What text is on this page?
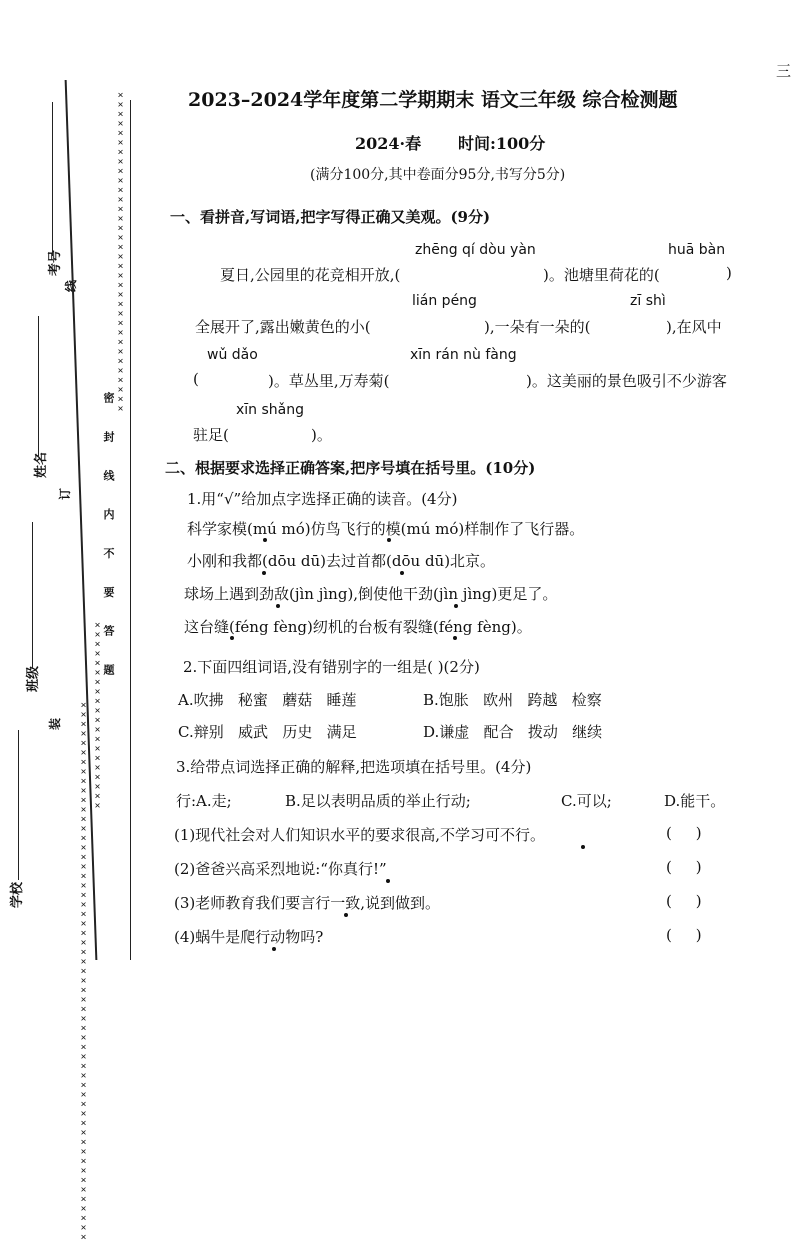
三
考号
姓名
班级
学校
线
订
装
××××××××××××××××××××××××××××××××××
密 封 线 内 不 要 答 题
××××××××××××××××××××
×××××××××××××××××××××××××××××××××××××××××××××××××××××××××
2023–2024学年度第二学期期末 语文三年级 综合检测题
2024·春 时间:100分
(满分100分,其中卷面分95分,书写分5分)
一、看拼音,写词语,把字写得正确又美观。(9分)
zhēng qí dòu yàn	huā bàn
夏日,公园里的花竞相开放,(	)。池塘里荷花的(	)
lián péng	zī shì
全展开了,露出嫩黄色的小(	),一朵有一朵的(	),在风中
wǔ dǎo	xīn rán nù fàng
(	)。草丛里,万寿菊(	)。这美丽的景色吸引不少游客
xīn shǎng
驻足(	)。
二、根据要求选择正确答案,把序号填在括号里。(10分)
1.用“√”给加点字选择正确的读音。(4分)
科学家模(mú mó)仿鸟飞行的模(mú mó)样制作了飞行器。
小刚和我都(dōu dū)去过首都(dōu dū)北京。
球场上遇到劲敌(jìn jìng),倒使他干劲(jìn jìng)更足了。
这台缝(féng fèng)纫机的台板有裂缝(féng fèng)。
2.下面四组词语,没有错别字的一组是( )(2分)
A.吹拂   秘蜜   蘑菇   睡莲	B.饱胀   欧州   跨越   检察
C.辩别   威武   历史   满足	D.谦虚   配合   拨动   继续
3.给带点词选择正确的解释,把选项填在括号里。(4分)
行:A.走;	B.足以表明品质的举止行动;	C.可以;	D.能干。
(1)现代社会对人们知识水平的要求很高,不学习可不行。	(     )
(2)爸爸兴高采烈地说:“你真行!”	(     )
(3)老师教育我们要言行一致,说到做到。	(     )
(4)蜗牛是爬行动物吗?	(     )
